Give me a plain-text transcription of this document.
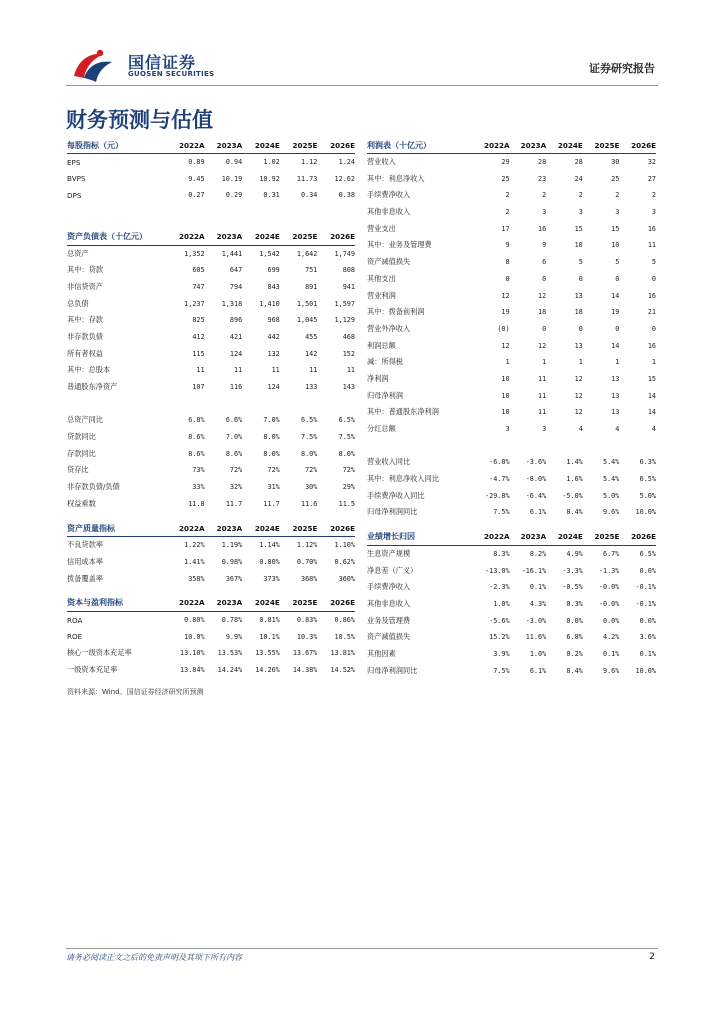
国信证券
GUOSEN SECURITIES	证券研究报告
财务预测与估值
每股指标（元）	2022A	2023A	2024E	2025E	2026E
EPS	0.89	0.94	1.02	1.12	1.24
BVPS	9.45	10.19	10.92	11.73	12.62
DPS	0.27	0.29	0.31	0.34	0.38

资产负债表（十亿元）	2022A	2023A	2024E	2025E	2026E
总资产	1,352	1,441	1,542	1,642	1,749
其中：贷款	605	647	699	751	808
非信贷资产	747	794	843	891	941
总负债	1,237	1,318	1,410	1,501	1,597
其中：存款	825	896	968	1,045	1,129
非存款负债	412	421	442	455	468
所有者权益	115	124	132	142	152
其中：总股本	11	11	11	11	11
普通股东净资产	107	116	124	133	143

总资产同比	6.8%	6.6%	7.0%	6.5%	6.5%
贷款同比	8.6%	7.0%	8.0%	7.5%	7.5%
存款同比	8.6%	8.6%	8.0%	8.0%	8.0%
贷存比	73%	72%	72%	72%	72%
非存款负债/负债	33%	32%	31%	30%	29%
权益乘数	11.8	11.7	11.7	11.6	11.5
资产质量指标	2022A	2023A	2024E	2025E	2026E
不良贷款率	1.22%	1.19%	1.14%	1.12%	1.10%
信用成本率	1.41%	0.98%	0.80%	0.70%	0.62%
拨备覆盖率	358%	367%	373%	368%	360%
资本与盈利指标	2022A	2023A	2024E	2025E	2026E
ROA	0.80%	0.78%	0.81%	0.83%	0.86%
ROE	10.0%	9.9%	10.1%	10.3%	10.5%
核心一级资本充足率	13.10%	13.53%	13.55%	13.67%	13.81%
一级资本充足率	13.84%	14.24%	14.26%	14.38%	14.52%
利润表（十亿元）	2022A	2023A	2024E	2025E	2026E
营业收入	29	28	28	30	32
其中：利息净收入	25	23	24	25	27
手续费净收入	2	2	2	2	2
其他非息收入	2	3	3	3	3
营业支出	17	16	15	15	16
其中：业务及管理费	9	9	10	10	11
资产减值损失	8	6	5	5	5
其他支出	0	0	0	0	0
营业利润	12	12	13	14	16
其中：拨备前利润	19	18	18	19	21
营业外净收入	(0)	0	0	0	0
利润总额	12	12	13	14	16
减：所得税	1	1	1	1	1
净利润	10	11	12	13	15
归母净利润	10	11	12	13	14
其中：普通股东净利润	10	11	12	13	14
分红总额	3	3	4	4	4

营业收入同比	-6.0%	-3.6%	1.4%	5.4%	6.3%
其中：利息净收入同比	-4.7%	-8.0%	1.6%	5.4%	6.5%
手续费净收入同比	-29.8%	-6.4%	-5.0%	5.0%	5.0%
归母净利润同比	7.5%	6.1%	8.4%	9.6%	10.0%
业绩增长归因	2022A	2023A	2024E	2025E	2026E
生息资产规模	8.3%	8.2%	4.9%	6.7%	6.5%
净息差（广义）	-13.0%	-16.1%	-3.3%	-1.3%	0.0%
手续费净收入	-2.3%	0.1%	-0.5%	-0.0%	-0.1%
其他非息收入	1.0%	4.3%	0.3%	-0.0%	-0.1%
业务及管理费	-5.6%	-3.0%	0.0%	0.0%	0.0%
资产减值损失	15.2%	11.6%	6.8%	4.2%	3.6%
其他因素	3.9%	1.0%	0.2%	0.1%	0.1%
归母净利润同比	7.5%	6.1%	8.4%	9.6%	10.0%
资料来源：Wind、国信证券经济研究所预测
请务必阅读正文之后的免责声明及其项下所有内容	2
